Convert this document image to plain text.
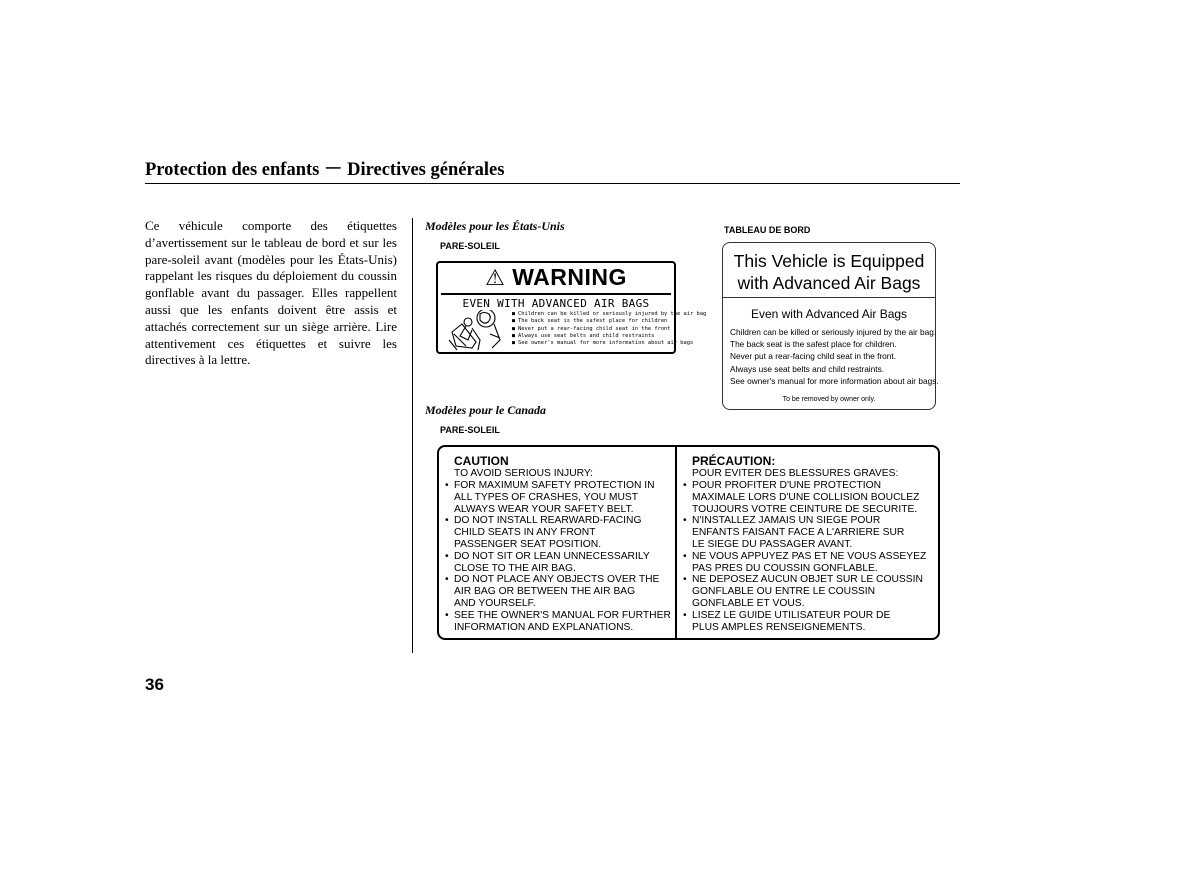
Protection des enfants － Directives générales

Ce véhicule comporte des étiquettes d’avertissement sur le tableau de bord et sur les pare-soleil avant (modèles pour les États-Unis) rappelant les risques du déploiement du coussin gonflable avant du passager. Elles rappellent aussi que les enfants doivent être assis et attachés correctement sur un siège arrière. Lire attentivement ces étiquettes et suivre les directives à la lettre.

Modèles pour les États-Unis
PARE-SOLEIL
⚠ WARNING
EVEN WITH ADVANCED AIR BAGS
■ Children can be killed or seriously injured by the air bag
■ The back seat is the safest place for children
■ Never put a rear-facing child seat in the front
■ Always use seat belts and child restraints
■ See owner's manual for more information about air bags
TABLEAU DE BORD
This Vehicle is Equipped with Advanced Air Bags
Even with Advanced Air Bags
Children can be killed or seriously injured by the air bag.
The back seat is the safest place for children.
Never put a rear-facing child seat in the front.
Always use seat belts and child restraints.
See owner's manual for more information about air bags.
To be removed by owner only.
Modèles pour le Canada
PARE-SOLEIL
CAUTION
TO AVOID SERIOUS INJURY:
• FOR MAXIMUM SAFETY PROTECTION IN
ALL TYPES OF CRASHES, YOU MUST
ALWAYS WEAR YOUR SAFETY BELT.
• DO NOT INSTALL REARWARD-FACING
CHILD SEATS IN ANY FRONT
PASSENGER SEAT POSITION.
• DO NOT SIT OR LEAN UNNECESSARILY
CLOSE TO THE AIR BAG.
• DO NOT PLACE ANY OBJECTS OVER THE
AIR BAG OR BETWEEN THE AIR BAG
AND YOURSELF.
• SEE THE OWNER'S MANUAL FOR FURTHER
INFORMATION AND EXPLANATIONS.
PRÉCAUTION:
POUR EVITER DES BLESSURES GRAVES:
• POUR PROFITER D'UNE PROTECTION
MAXIMALE LORS D'UNE COLLISION BOUCLEZ
TOUJOURS VOTRE CEINTURE DE SECURITE.
• N'INSTALLEZ JAMAIS UN SIEGE POUR
ENFANTS FAISANT FACE A L'ARRIERE SUR
LE SIEGE DU PASSAGER AVANT.
• NE VOUS APPUYEZ PAS ET NE VOUS ASSEYEZ
PAS PRES DU COUSSIN GONFLABLE.
• NE DEPOSEZ AUCUN OBJET SUR LE COUSSIN
GONFLABLE OU ENTRE LE COUSSIN
GONFLABLE ET VOUS.
• LISEZ LE GUIDE UTILISATEUR POUR DE
PLUS AMPLES RENSEIGNEMENTS.
36
